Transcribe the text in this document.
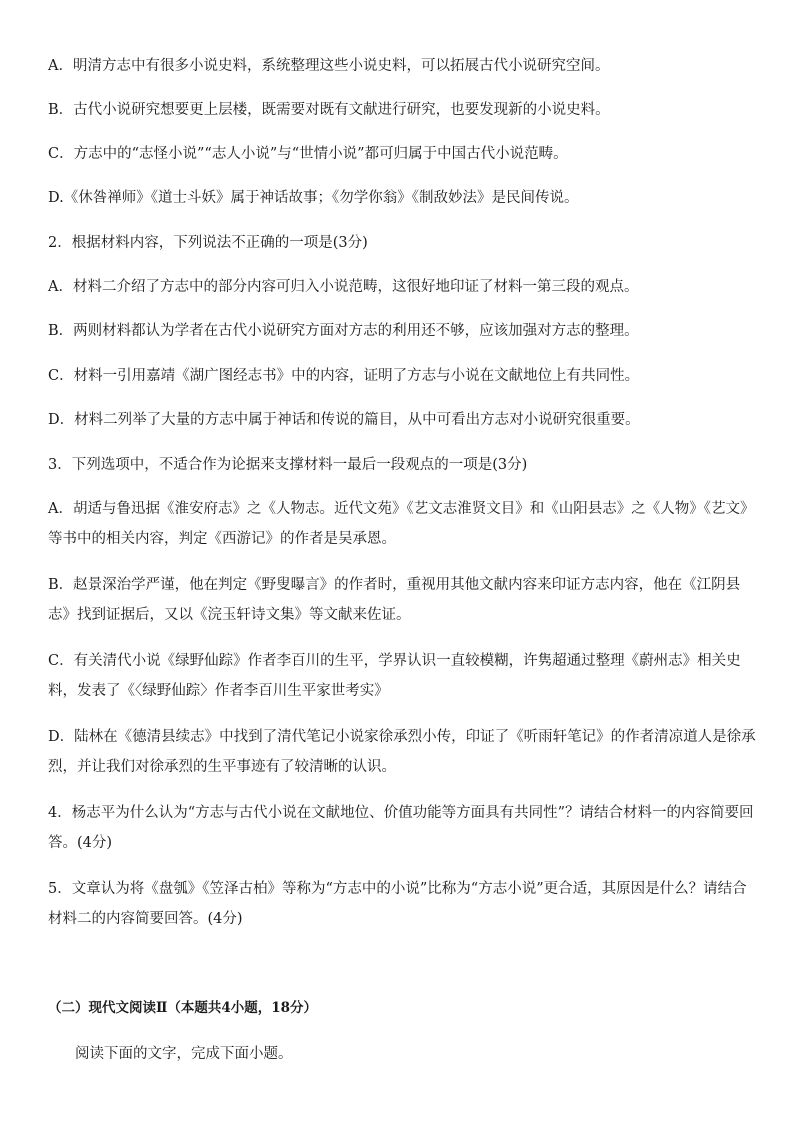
A．明清方志中有很多小说史料，系统整理这些小说史料，可以拓展古代小说研究空间。
B．古代小说研究想要更上层楼，既需要对既有文献进行研究，也要发现新的小说史料。
C．方志中的“志怪小说”“志人小说”与“世情小说”都可归属于中国古代小说范畴。
D.《休咎禅师》《道士斗妖》属于神话故事；《勿学你翁》《制敌妙法》是民间传说。
2．根据材料内容，下列说法不正确的一项是(3分)
A．材料二介绍了方志中的部分内容可归入小说范畴，这很好地印证了材料一第三段的观点。
B．两则材料都认为学者在古代小说研究方面对方志的利用还不够，应该加强对方志的整理。
C．材料一引用嘉靖《湖广图经志书》中的内容，证明了方志与小说在文献地位上有共同性。
D．材料二列举了大量的方志中属于神话和传说的篇目，从中可看出方志对小说研究很重要。
3．下列选项中，不适合作为论据来支撑材料一最后一段观点的一项是(3分)
A．胡适与鲁迅据《淮安府志》之《人物志。近代文苑》《艺文志淮贤文目》和《山阳县志》之《人物》《艺文》等书中的相关内容，判定《西游记》的作者是吴承恩。
B．赵景深治学严谨，他在判定《野叟曝言》的作者时，重视用其他文献内容来印证方志内容，他在《江阴县志》找到证据后，又以《浣玉轩诗文集》等文献来佐证。
C．有关清代小说《绿野仙踪》作者李百川的生平，学界认识一直较模糊，许隽超通过整理《蔚州志》相关史料，发表了《〈绿野仙踪〉作者李百川生平家世考实》
D．陆林在《德清县续志》中找到了清代笔记小说家徐承烈小传，印证了《听雨轩笔记》的作者清凉道人是徐承烈，并让我们对徐承烈的生平事迹有了较清晰的认识。
4．杨志平为什么认为“方志与古代小说在文献地位、价值功能等方面具有共同性”？请结合材料一的内容简要回答。(4分)
5．文章认为将《盘瓠》《笠泽古柏》等称为“方志中的小说”比称为“方志小说”更合适，其原因是什么？请结合材料二的内容简要回答。(4分)
（二）现代文阅读Ⅱ（本题共4小题，18分）
阅读下面的文字，完成下面小题。
